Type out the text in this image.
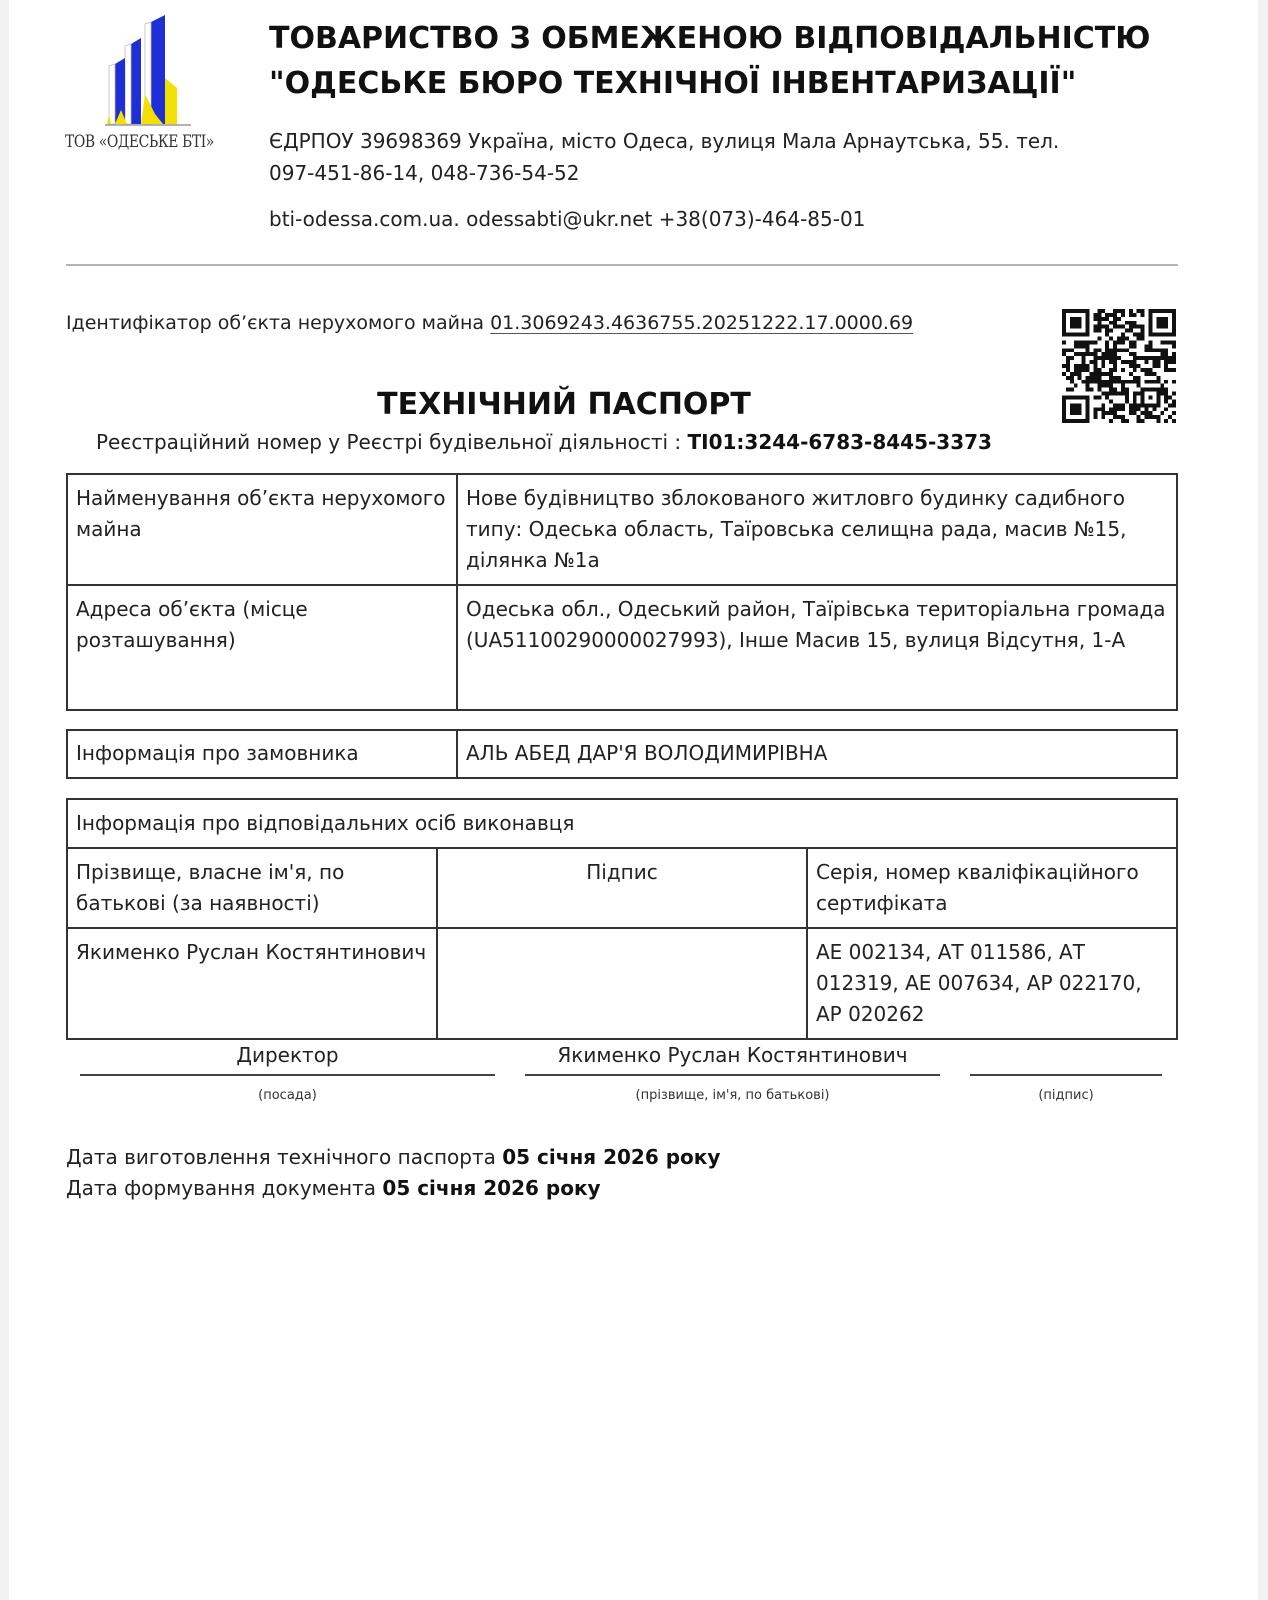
ТОВ «ОДЕСЬКЕ БТІ»
ТОВАРИСТВО З ОБМЕЖЕНОЮ ВІДПОВІДАЛЬНІСТЮ
"ОДЕСЬКЕ БЮРО ТЕХНІЧНОЇ ІНВЕНТАРИЗАЦІЇ"
ЄДРПОУ 39698369 Україна, місто Одеса, вулиця Мала Арнаутська, 55. тел.
097-451-86-14, 048-736-54-52
bti-odessa.com.ua. odessabti@ukr.net +38(073)-464-85-01
Ідентифікатор об’єкта нерухомого майна 01.3069243.4636755.20251222.17.0000.69
ТЕХНІЧНИЙ ПАСПОРТ
Реєстраційний номер у Реєстрі будівельної діяльності : ТІ01:3244-6783-8445-3373
Найменування об’єкта нерухомого майна	Нове будівництво зблокованого житловго будинку садибного типу: Одеська область, Таїровська селищна рада, масив №15, ділянка №1а
Адреса об’єкта (місце розташування)	Одеська обл., Одеський район, Таїрівська територіальна громада (UA51100290000027993), Інше Масив 15, вулиця Відсутня, 1-А
Інформація про замовника	АЛЬ АБЕД ДАР'Я ВОЛОДИМИРІВНА
Інформація про відповідальних осіб виконавця		
Прізвище, власне ім'я, по батькові (за наявності)	Підпис	Серія, номер кваліфікаційного сертифіката
Якименко Руслан Костянтинович		АЕ 002134, АТ 011586, АТ 012319, АЕ 007634, АР 022170, АР 020262
Директор
(посада)
Якименко Руслан Костянтинович
(прізвище, ім'я, по батькові)	(підпис)
Дата виготовлення технічного паспорта 05 січня 2026 року
Дата формування документа 05 січня 2026 року
